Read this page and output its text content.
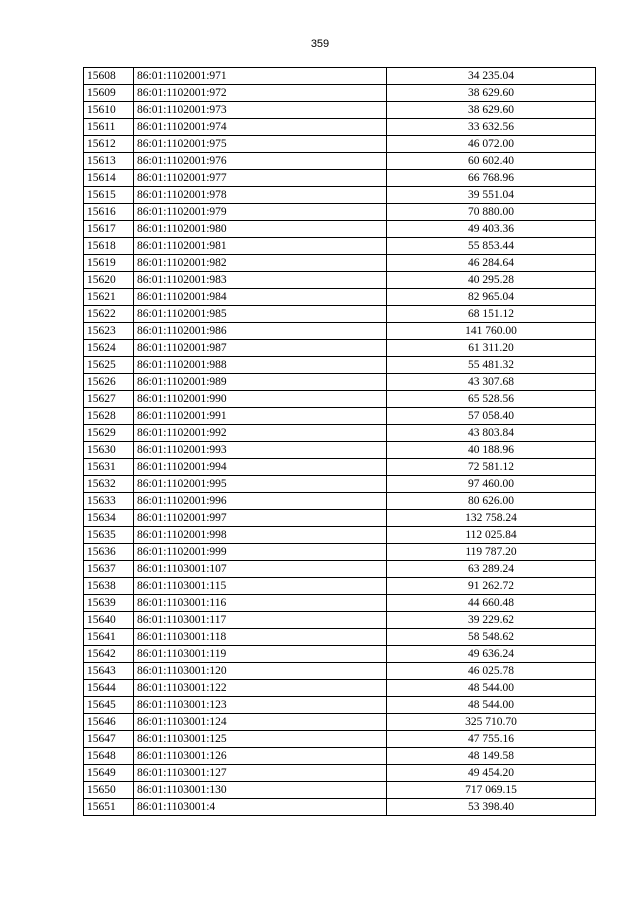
359
15608	86:01:1102001:971	34 235.04
15609	86:01:1102001:972	38 629.60
15610	86:01:1102001:973	38 629.60
15611	86:01:1102001:974	33 632.56
15612	86:01:1102001:975	46 072.00
15613	86:01:1102001:976	60 602.40
15614	86:01:1102001:977	66 768.96
15615	86:01:1102001:978	39 551.04
15616	86:01:1102001:979	70 880.00
15617	86:01:1102001:980	49 403.36
15618	86:01:1102001:981	55 853.44
15619	86:01:1102001:982	46 284.64
15620	86:01:1102001:983	40 295.28
15621	86:01:1102001:984	82 965.04
15622	86:01:1102001:985	68 151.12
15623	86:01:1102001:986	141 760.00
15624	86:01:1102001:987	61 311.20
15625	86:01:1102001:988	55 481.32
15626	86:01:1102001:989	43 307.68
15627	86:01:1102001:990	65 528.56
15628	86:01:1102001:991	57 058.40
15629	86:01:1102001:992	43 803.84
15630	86:01:1102001:993	40 188.96
15631	86:01:1102001:994	72 581.12
15632	86:01:1102001:995	97 460.00
15633	86:01:1102001:996	80 626.00
15634	86:01:1102001:997	132 758.24
15635	86:01:1102001:998	112 025.84
15636	86:01:1102001:999	119 787.20
15637	86:01:1103001:107	63 289.24
15638	86:01:1103001:115	91 262.72
15639	86:01:1103001:116	44 660.48
15640	86:01:1103001:117	39 229.62
15641	86:01:1103001:118	58 548.62
15642	86:01:1103001:119	49 636.24
15643	86:01:1103001:120	46 025.78
15644	86:01:1103001:122	48 544.00
15645	86:01:1103001:123	48 544.00
15646	86:01:1103001:124	325 710.70
15647	86:01:1103001:125	47 755.16
15648	86:01:1103001:126	48 149.58
15649	86:01:1103001:127	49 454.20
15650	86:01:1103001:130	717 069.15
15651	86:01:1103001:4	53 398.40
